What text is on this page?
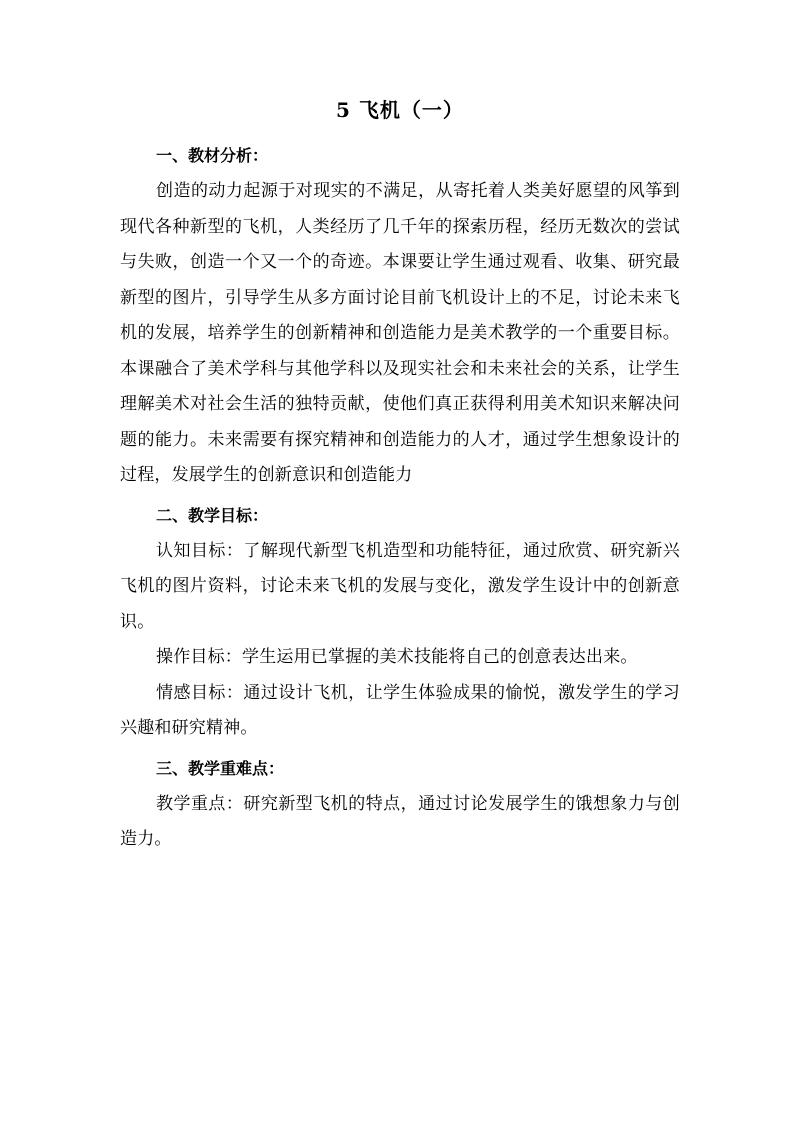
5 飞机（一）
一、教材分析：

创造的动力起源于对现实的不满足，从寄托着人类美好愿望的风筝到现代各种新型的飞机，人类经历了几千年的探索历程，经历无数次的尝试与失败，创造一个又一个的奇迹。本课要让学生通过观看、收集、研究最新型的图片，引导学生从多方面讨论目前飞机设计上的不足，讨论未来飞机的发展，培养学生的创新精神和创造能力是美术教学的一个重要目标。本课融合了美术学科与其他学科以及现实社会和未来社会的关系，让学生理解美术对社会生活的独特贡献，使他们真正获得利用美术知识来解决问题的能力。未来需要有探究精神和创造能力的人才，通过学生想象设计的过程，发展学生的创新意识和创造能力

二、教学目标：

认知目标：了解现代新型飞机造型和功能特征，通过欣赏、研究新兴飞机的图片资料，讨论未来飞机的发展与变化，激发学生设计中的创新意识。

操作目标：学生运用已掌握的美术技能将自己的创意表达出来。

情感目标：通过设计飞机，让学生体验成果的愉悦，激发学生的学习兴趣和研究精神。

三、教学重难点：

教学重点：研究新型飞机的特点，通过讨论发展学生的饿想象力与创造力。
